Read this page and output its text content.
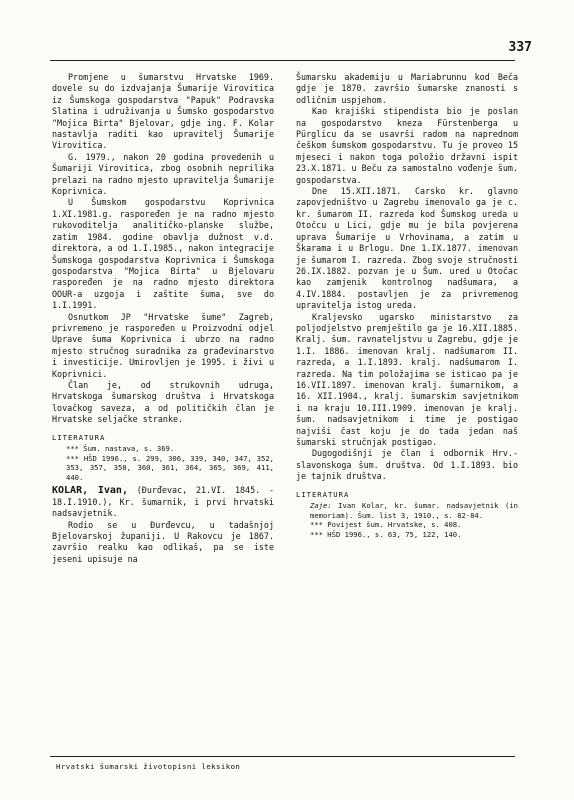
337

Promjene u šumarstvu Hrvatske 1969. dovele su do izdvajanja Šumarije Virovitica iz Šumskoga gospodarstva "Papuk" Podravska Slatina i udruživanja u Šumsko gospodarstvo "Mojica Birta" Bjelovar, gdje ing. F. Kolar nastavlja raditi kao upravitelj Šumarije Virovitica.

G. 1979., nakon 20 godina provedenih u Šumariji Virovitica, zbog osobnih neprilika prelazi na radno mjesto upravitelja Šumarije Koprivnica.

U Šumskom gospodarstvu Koprivnica 1.XI.1981.g. raspoređen je na radno mjesto rukovoditelja analitičko-planske službe, zatim 1984. godine obavlja dužnost v.d. direktora, a od 1.I.1985., nakon integracije Šumskoga gospodarstva Koprivnica i Šumskoga gospodarstva "Mojica Birta" u Bjelovaru raspoređen je na radno mjesto direktora OOUR-a uzgoja i zaštite šuma, sve do 1.I.1991.

Osnutkom JP "Hrvatske šume" Zagreb, privremeno je raspoređen u Proizvodni odjel Uprave šuma Koprivnica i ubrzo na radno mjesto stručnog suradnika za građevinarstvo i investicije. Umirovljen je 1995. i živi u Koprivnici.

Član je, od strukovnih udruga, Hrvatskoga šumarskog društva i Hrvatskoga lovačkog saveza, a od političkih član je Hrvatske seljačke stranke.

LITERATURA

*** Šum. nastava, s. 369.

*** HŠD 1996., s. 299, 306, 339, 340, 347, 352, 353, 357, 358, 360, 361, 364, 365, 369, 411, 440.

KOLAR, Ivan, (Đurđevac, 21.VI. 1845. - 18.I.1910.), Kr. šumarnik, i prvi hrvatski nadsavjetnik.

Rodio se u Đurđevcu, u tadašnjoj Bjelovarskoj županiji. U Rakovcu je 1867. završio realku kao odlikaš, pa se iste jeseni upisuje na

Šumarsku akademiju u Mariabrunnu kod Beča gdje je 1870. završio šumarske znanosti s odličnim uspjehom.

Kao krajiški stipendista bio je poslan na gospodarstvo kneza Fürstenberga u Pürglicu da se usavrši radom na naprednom češkom šumskom gospodarstvu. Tu je proveo 15 mjeseci i nakon toga položio državni ispit 23.X.1871. u Beču za samostalno vođenje šum. gospodarstva.

Dne 15.XII.1871. Carsko kr. glavno zapovjedništvo u Zagrebu imenovalo ga je c. kr. šumarom II. razreda kod Šumskog ureda u Otočcu u Lici, gdje mu je bila povjerena uprava Šumarije u Vrhovinama, a zatim u Škarama i u Brlogu. Dne 1.IX.1877. imenovan je šumarom I. razreda. Zbog svoje stručnosti 26.IX.1882. pozvan je u Šum. ured u Otočac kao zamjenik kontrolnog nadšumara, a 4.IV.1884. postavljen je za privremenog upravitelja istog ureda.

Kraljevsko ugarsko ministarstvo za poljodjelstvo premještilo ga je 16.XII.1885. Kralj. šum. ravnateljstvu u Zagrebu, gdje je 1.I. 1886. imenovan kralj. nadšumarom II. razreda, a 1.I.1893. kralj. nadšumarom I. razreda. Na tim položajima se isticao pa je 16.VII.1897. imenovan kralj. šumarnikom, a 16. XII.1904., kralj. šumarskim savjetnikom i na kraju 10.III.1909. imenovan je kralj. šum. nadsavjetnikom i time je postigao najviši čast koju je do tada jedan naš šumarski stručnjak postigao.

Dugogodišnji je član i odbornik Hrv.-slavonskoga šum. društva. Od 1.I.1893. bio je tajnik društva.

LITERATURA

Zaje: Ivan Kolar, kr. šumar. nadsavjetnik (in memoriam). Šum. list 3, 1910., s. 82-84.

*** Povijest šum. Hrvatske, s. 408.

*** HŠD 1996., s. 63, 75, 122, 140.

Hrvatski šumarski životopisni leksikon
